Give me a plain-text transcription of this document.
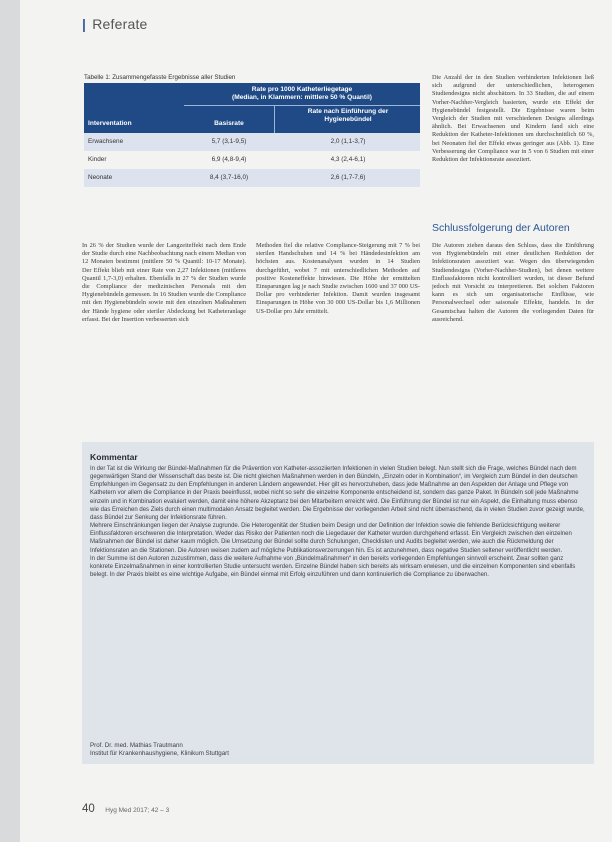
| Referate
Tabelle 1: Zusammengefasste Ergebnisse aller Studien
Rate pro 1000 Katheterliegetage
(Median, in Klammern: mittlere 50 % Quantil)
Interventation	Basisrate
Rate nach Einführung der
Hygienebündel
Erwachsene	5,7 (3,1-9,5)	2,0 (1,1-3,7)
Kinder	6,9 (4,8-9,4)	4,3 (2,4-6,1)
Neonate	8,4 (3,7-16,0)	2,6 (1,7-7,6)
Die Anzahl der in den Studien verhinderten Infektionen ließ sich aufgrund der unterschiedlichen, heterogenen Studiendesigns nicht abschätzen. In 33 Studien, die auf einem Vorher-Nachher-Vergleich basierten, wurde ein Effekt der Hygienebündel festgestellt. Die Ergebnisse waren beim Vergleich der Studien mit verschiedenen Designs allerdings ähnlich. Bei Erwachsenen und Kindern fand sich eine Reduktion der Katheter-Infektionen um durchschnittlich 60 %, bei Neonaten fiel der Effekt etwas geringer aus (Abb. 1). Eine Verbesserung der Compliance war in 5 von 6 Studien mit einer Reduktion der Infektionsrate assoziiert.
Schlussfolgerung der Autoren
Die Autoren ziehen daraus den Schluss, dass die Einführung von Hygienebündeln mit einer deutlichen Reduktion der Infektionsraten assoziiert war. Wegen des überwiegenden Studiendesigns (Vorher-Nachher-Studien), bei denen weitere Einflussfaktoren nicht kontrolliert wurden, ist dieser Befund jedoch mit Vorsicht zu interpretieren. Bei solchen Faktoren kann es sich um organisatorische Einflüsse, wie Personalwechsel oder saisonale Effekte, handeln. In der Gesamtschau halten die Autoren die vorliegenden Daten für ausreichend.
In 26 % der Studien wurde der Langzeiteffekt nach dem Ende der Studie durch eine Nachbeobachtung nach einem Median von 12 Monaten bestimmt (mittlere 50 % Quantil: 10-17 Monate). Der Effekt blieb mit einer Rate von 2,27 Infektionen (mittleres Quantil 1,7-3,0) erhalten. Ebenfalls in 27 % der Studien wurde die Compliance der medizinischen Personals mit den Hygienebündeln gemessen. In 16 Studien wurde die Compliance mit den Hygienebündeln sowie mit den einzelnen Maßnahmen der Hände hygiene oder steriler Abdeckung bei Katheteranlage erfasst. Bei der Insertion verbesserten sich
Methoden fiel die relative Compliance-Steigerung mit 7 % bei sterilen Handschuhen und 14 % bei Händedesinfektion am höchsten aus. Kostenanalysen wurden in 14 Studien durchgeführt, wobei 7 mit unterschiedlichen Methoden auf positive Kosteneffekte hinwiesen. Die Höhe der ermittelten Einsparungen lag je nach Studie zwischen 1600 und 37 000 US-Dollar pro verhinderter Infektion. Damit wurden insgesamt Einsparungen in Höhe von 30 000 US-Dollar bis 1,6 Millionen US-Dollar pro Jahr ermittelt.
Kommentar

In der Tat ist die Wirkung der Bündel-Maßnahmen für die Prävention von Katheter-assoziierten Infektionen in vielen Studien belegt. Nun stellt sich die Frage, welches Bündel nach dem gegenwärtigen Stand der Wissenschaft das beste ist. Die nicht gleichen Maßnahmen werden in den Bündeln, „Einzeln oder in Kombination“, im Vergleich zum Bündel in den deutschen Empfehlungen im Gegensatz zu den Empfehlungen in anderen Ländern angewendet. Hier gilt es hervorzuheben, dass jede Maßnahme an den Aspekten der Anlage und Pflege von Kathetern vor allem die Compliance in der Praxis beeinflusst, wobei nicht so sehr die einzelne Komponente entscheidend ist, sondern das ganze Paket. In Bündeln soll jede Maßnahme einzeln und in Kombination evaluiert werden, damit eine höhere Akzeptanz bei den Mitarbeitern erreicht wird. Die Einführung der Bündel ist nur ein Aspekt, die Einhaltung muss ebenso wie das Erreichen des Ziels durch einen multimodalen Ansatz begleitet werden. Die Ergebnisse der vorliegenden Arbeit sind nicht überraschend, da in vielen Studien zuvor gezeigt wurde, dass Bündel zur Senkung der Infektionsrate führen.

Mehrere Einschränkungen liegen der Analyse zugrunde. Die Heterogenität der Studien beim Design und der Definition der Infektion sowie die fehlende Berücksichtigung weiterer Einflussfaktoren erschweren die Interpretation. Weder das Risiko der Patienten noch die Liegedauer der Katheter wurden durchgehend erfasst. Ein Vergleich zwischen den einzelnen Maßnahmen der Bündel ist daher kaum möglich. Die Umsetzung der Bündel sollte durch Schulungen, Checklisten und Audits begleitet werden, wie auch die Rückmeldung der Infektionsraten an die Stationen. Die Autoren weisen zudem auf mögliche Publikationsverzerrungen hin. Es ist anzunehmen, dass negative Studien seltener veröffentlicht werden.

In der Summe ist den Autoren zuzustimmen, dass die weitere Aufnahme von „Bündelmaßnahmen“ in den bereits vorliegenden Empfehlungen sinnvoll erscheint. Zwar sollten ganz konkrete Einzelmaßnahmen in einer kontrollierten Studie untersucht werden. Einzelne Bündel haben sich bereits als wirksam erwiesen, und die einzelnen Komponenten sind ebenfalls belegt. In der Praxis bleibt es eine wichtige Aufgabe, ein Bündel einmal mit Erfolg einzuführen und dann kontinuierlich die Compliance zu überwachen.

Prof. Dr. med. Mathias Trautmann
Institut für Krankenhaushygiene, Klinikum Stuttgart
40 Hyg Med 2017; 42 – 3
